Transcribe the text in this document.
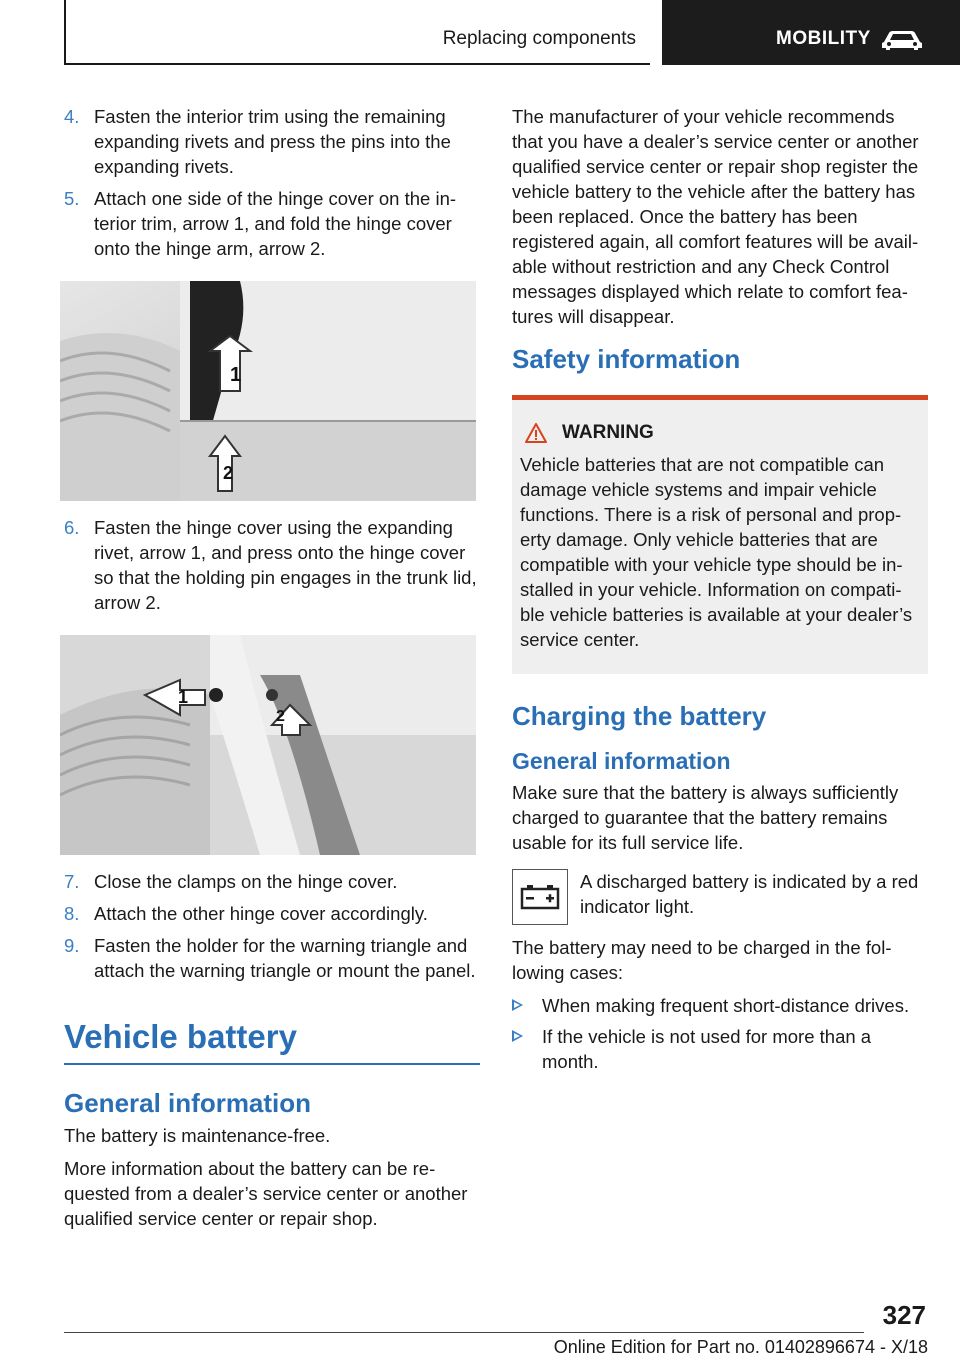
Replacing components	MOBILITY
4. Fasten the interior trim using the remaining expanding rivets and press the pins into the expanding rivets.
5. Attach one side of the hinge cover on the interior trim, arrow 1, and fold the hinge cover onto the hinge arm, arrow 2.
1
2
6. Fasten the hinge cover using the expanding rivet, arrow 1, and press onto the hinge cover so that the holding pin engages in the trunk lid, arrow 2.
1
2
7. Close the clamps on the hinge cover.
8. Attach the other hinge cover accordingly.
9. Fasten the holder for the warning triangle and attach the warning triangle or mount the panel.
Vehicle battery
General information

The battery is maintenance-free.

More information about the battery can be requested from a dealer’s service center or another qualified service center or repair shop.

The manufacturer of your vehicle recommends that you have a dealer’s service center or another qualified service center or repair shop register the vehicle battery to the vehicle after the battery has been replaced. Once the battery has been registered again, all comfort features will be available without restriction and any Check Control messages displayed which relate to comfort features will disappear.

Safety information
WARNING
Vehicle batteries that are not compatible can damage vehicle systems and impair vehicle functions. There is a risk of personal and property damage. Only vehicle batteries that are compatible with your vehicle type should be installed in your vehicle. Information on compatible vehicle batteries is available at your dealer’s service center.
Charging the battery
General information

Make sure that the battery is always sufficiently charged to guarantee that the battery remains usable for its full service life.

A discharged battery is indicated by a red indicator light.

The battery may need to be charged in the following cases:

When making frequent short-distance drives.
If the vehicle is not used for more than a month.
327
Online Edition for Part no. 01402896674 - X/18
